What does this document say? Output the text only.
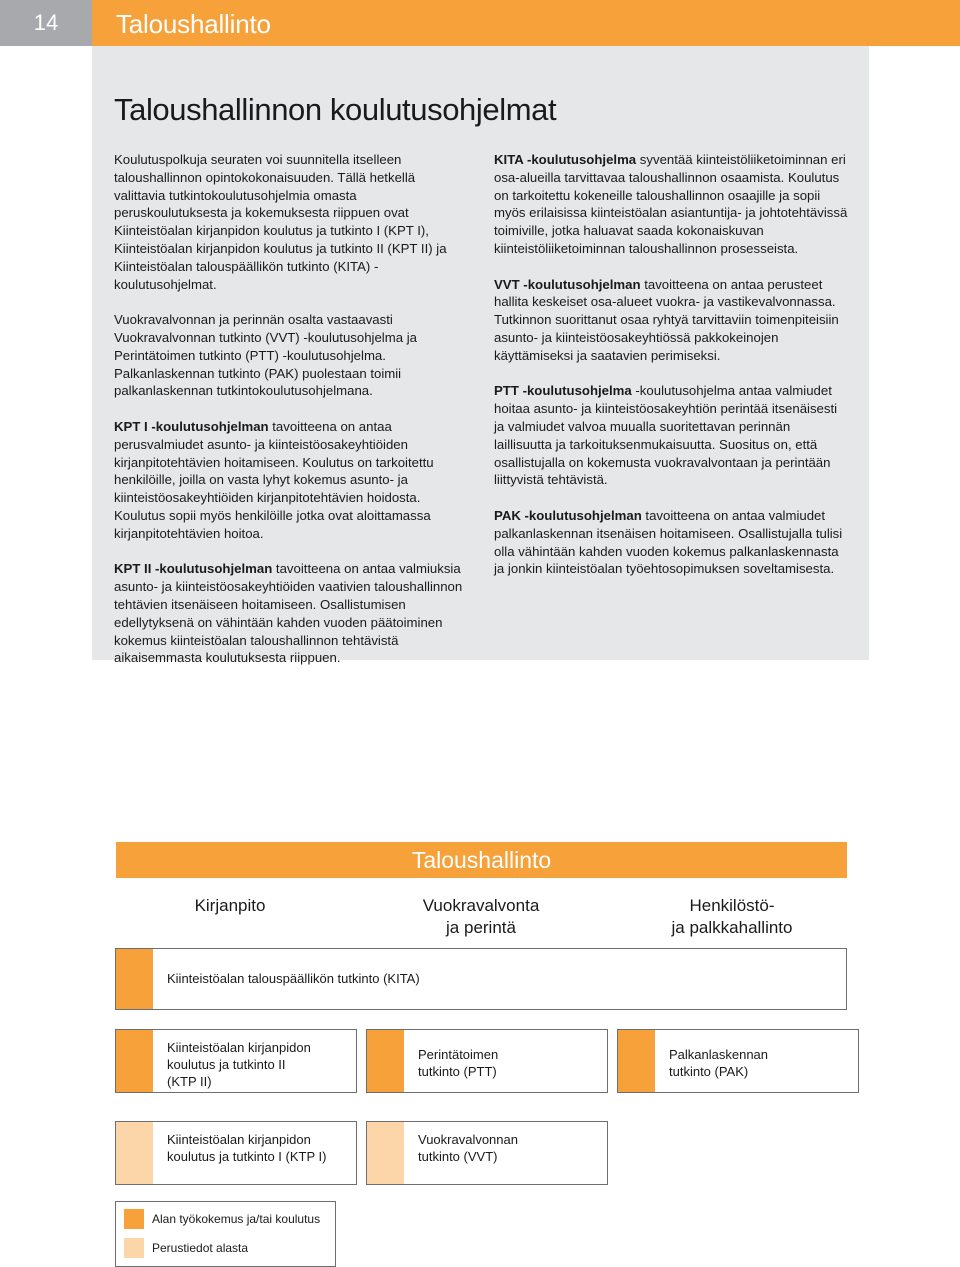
14	Taloushallinto
Taloushallinnon koulutusohjelmat

Koulutuspolkuja seuraten voi suunnitella itselleen taloushallinnon opintokokonaisuuden. Tällä hetkellä valittavia tutkintokoulutusohjelmia omasta peruskoulutuksesta ja kokemuksesta riippuen ovat Kiinteistöalan kirjanpidon koulutus ja tutkinto I (KPT I), Kiinteistöalan kirjanpidon koulutus ja tutkinto II (KPT II) ja Kiinteistöalan talouspäällikön tutkinto (KITA) -koulutusohjelmat.

Vuokravalvonnan ja perinnän osalta vastaavasti Vuokravalvonnan tutkinto (VVT) -koulutusohjelma ja Perintätoimen tutkinto (PTT) -koulutusohjelma. Palkanlaskennan tutkinto (PAK) puolestaan toimii palkanlaskennan tutkintokoulutusohjelmana.

KPT I -koulutusohjelman tavoitteena on antaa perusvalmiudet asunto- ja kiinteistöosakeyhtiöiden kirjanpitotehtävien hoitamiseen. Koulutus on tarkoitettu henkilöille, joilla on vasta lyhyt kokemus asunto- ja kiinteistöosakeyhtiöiden kirjanpitotehtävien hoidosta. Koulutus sopii myös henkilöille jotka ovat aloittamassa kirjanpitotehtävien hoitoa.

KPT II -koulutusohjelman tavoitteena on antaa valmiuksia asunto- ja kiinteistöosakeyhtiöiden vaativien taloushallinnon tehtävien itsenäiseen hoitamiseen. Osallistumisen edellytyksenä on vähintään kahden vuoden päätoiminen kokemus kiinteistöalan taloushallinnon tehtävistä aikaisemmasta koulutuksesta riippuen.

KITA -koulutusohjelma syventää kiinteistöliiketoiminnan eri osa-alueilla tarvittavaa taloushallinnon osaamista. Koulutus on tarkoitettu kokeneille taloushallinnon osaajille ja sopii myös erilaisissa kiinteistöalan asiantuntija- ja johtotehtävissä toimiville, jotka haluavat saada kokonaiskuvan kiinteistöliiketoiminnan taloushallinnon prosesseista.

VVT -koulutusohjelman tavoitteena on antaa perusteet hallita keskeiset osa-alueet vuokra- ja vastikevalvonnassa. Tutkinnon suorittanut osaa ryhtyä tarvittaviin toimenpiteisiin asunto- ja kiinteistöosakeyhtiössä pakkokeinojen käyttämiseksi ja saatavien perimiseksi.

PTT -koulutusohjelma -koulutusohjelma antaa valmiudet hoitaa asunto- ja kiinteistöosakeyhtiön perintää itsenäisesti ja valmiudet valvoa muualla suoritettavan perinnän laillisuutta ja tarkoituksenmukaisuutta. Suositus on, että osallistujalla on kokemusta vuokravalvontaan ja perintään liittyvistä tehtävistä.

PAK -koulutusohjelman tavoitteena on antaa valmiudet palkanlaskennan itsenäisen hoitamiseen. Osallistujalla tulisi olla vähintään kahden vuoden kokemus palkanlaskennasta ja jonkin kiinteistöalan työehtosopimuksen soveltamisesta.

Taloushallinto
Kirjanpito	Vuokravalvonta
ja perintä
Henkilöstö-
ja palkkahallinto
Kiinteistöalan talouspäällikön tutkinto (KITA)
Kiinteistöalan kirjanpidon
koulutus ja tutkinto II
(KTP II)
Perintätoimen
tutkinto (PTT)
Palkanlaskennan
tutkinto (PAK)
Kiinteistöalan kirjanpidon
koulutus ja tutkinto I (KTP I)
Vuokravalvonnan
tutkinto (VVT)
Alan työkokemus ja/tai koulutus
Perustiedot alasta
